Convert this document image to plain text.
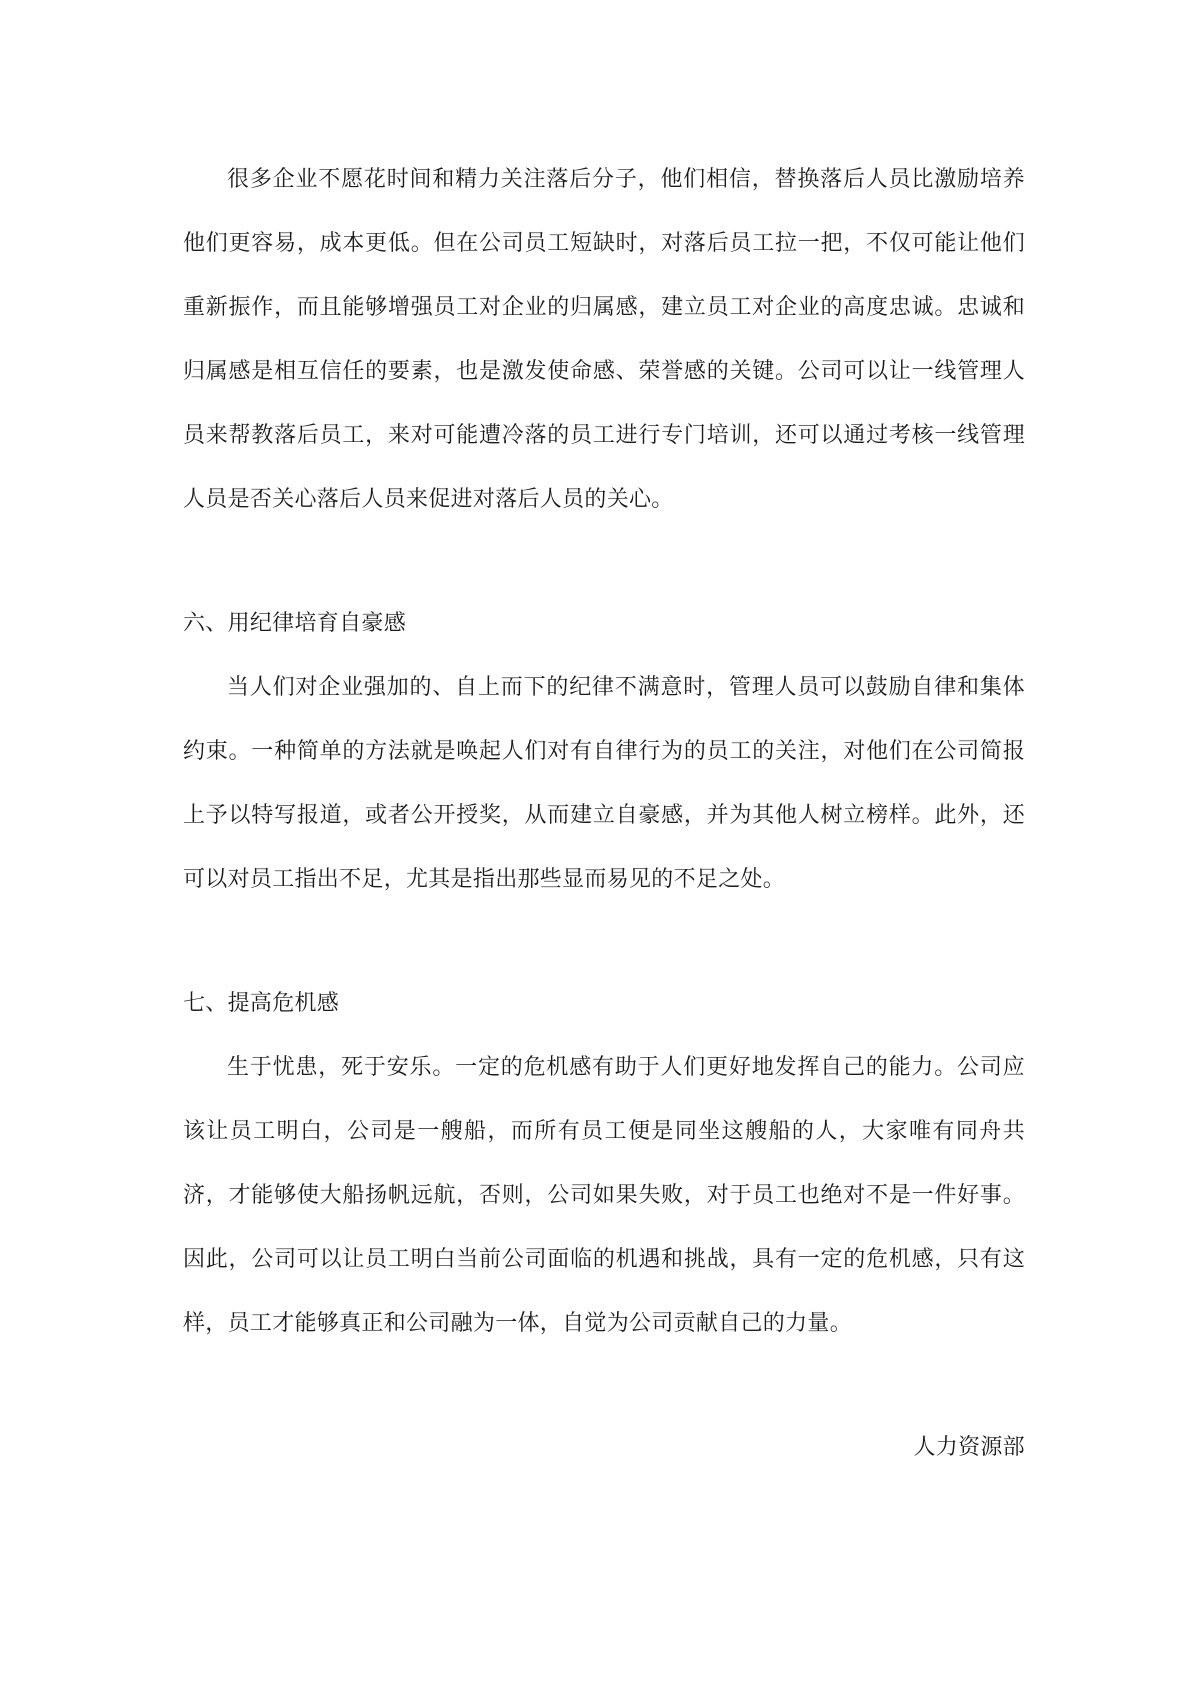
很多企业不愿花时间和精力关注落后分子，他们相信，替换落后人员比激励培养他们更容易，成本更低。但在公司员工短缺时，对落后员工拉一把，不仅可能让他们重新振作，而且能够增强员工对企业的归属感，建立员工对企业的高度忠诚。忠诚和归属感是相互信任的要素，也是激发使命感、荣誉感的关键。公司可以让一线管理人员来帮教落后员工，来对可能遭冷落的员工进行专门培训，还可以通过考核一线管理人员是否关心落后人员来促进对落后人员的关心。

六、用纪律培育自豪感

当人们对企业强加的、自上而下的纪律不满意时，管理人员可以鼓励自律和集体约束。一种简单的方法就是唤起人们对有自律行为的员工的关注，对他们在公司简报上予以特写报道，或者公开授奖，从而建立自豪感，并为其他人树立榜样。此外，还可以对员工指出不足，尤其是指出那些显而易见的不足之处。

七、提高危机感

生于忧患，死于安乐。一定的危机感有助于人们更好地发挥自己的能力。公司应该让员工明白，公司是一艘船，而所有员工便是同坐这艘船的人，大家唯有同舟共济，才能够使大船扬帆远航，否则，公司如果失败，对于员工也绝对不是一件好事。因此，公司可以让员工明白当前公司面临的机遇和挑战，具有一定的危机感，只有这样，员工才能够真正和公司融为一体，自觉为公司贡献自己的力量。

人力资源部
